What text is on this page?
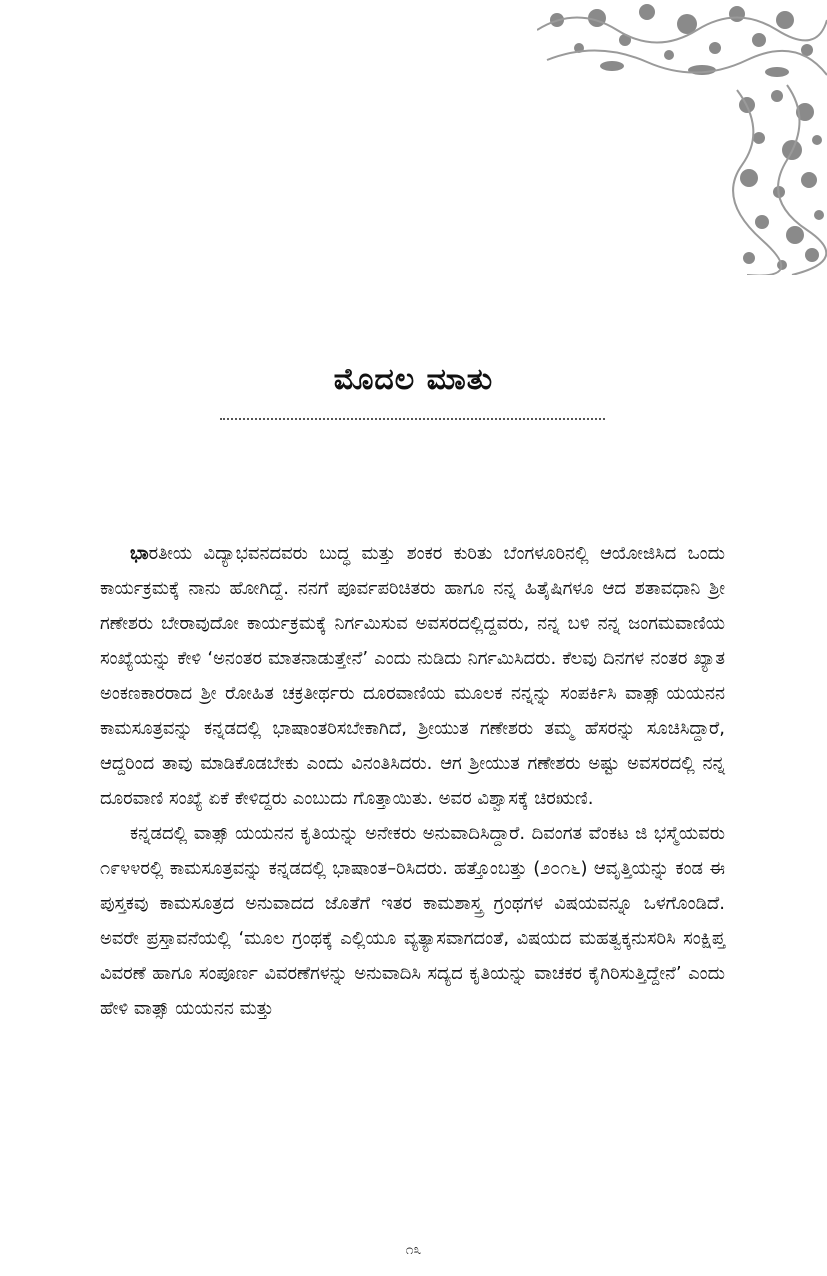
ಮೊದಲ ಮಾತು

ಭಾರತೀಯ ವಿದ್ಯಾಭವನದವರು ಬುದ್ಧ ಮತ್ತು ಶಂಕರ ಕುರಿತು ಬೆಂಗಳೂರಿನಲ್ಲಿ ಆಯೋಜಿಸಿದ ಒಂದು ಕಾರ್ಯಕ್ರಮಕ್ಕೆ ನಾನು ಹೋಗಿದ್ದೆ. ನನಗೆ ಪೂರ್ವಪರಿಚಿತರು ಹಾಗೂ ನನ್ನ ಹಿತೈಷಿಗಳೂ ಆದ ಶತಾವಧಾನಿ ಶ್ರೀ ಗಣೇಶರು ಬೇರಾವುದೋ ಕಾರ್ಯಕ್ರಮಕ್ಕೆ ನಿರ್ಗಮಿಸುವ ಅವಸರದಲ್ಲಿದ್ದವರು, ನನ್ನ ಬಳಿ ನನ್ನ ಜಂಗಮವಾಣಿಯ ಸಂಖ್ಯೆಯನ್ನು ಕೇಳಿ ‘ಅನಂತರ ಮಾತನಾಡುತ್ತೇನೆ’ ಎಂದು ನುಡಿದು ನಿರ್ಗಮಿಸಿದರು. ಕೆಲವು ದಿನಗಳ ನಂತರ ಖ್ಯಾತ ಅಂಕಣಕಾರರಾದ ಶ್ರೀ ರೋಹಿತ ಚಕ್ರತೀರ್ಥರು ದೂರವಾಣಿಯ ಮೂಲಕ ನನ್ನನ್ನು ಸಂಪರ್ಕಿಸಿ ವಾತ್ಸಾ್ಯಯನನ ಕಾಮಸೂತ್ರವನ್ನು ಕನ್ನಡದಲ್ಲಿ ಭಾಷಾಂತರಿಸಬೇಕಾಗಿದೆ, ಶ್ರೀಯುತ ಗಣೇಶರು ತಮ್ಮ ಹೆಸರನ್ನು ಸೂಚಿಸಿದ್ದಾರೆ, ಆದ್ದರಿಂದ ತಾವು ಮಾಡಿಕೊಡಬೇಕು ಎಂದು ವಿನಂತಿಸಿದರು. ಆಗ ಶ್ರೀಯುತ ಗಣೇಶರು ಅಷ್ಟು ಅವಸರದಲ್ಲಿ ನನ್ನ ದೂರವಾಣಿ ಸಂಖ್ಯೆ ಏಕೆ ಕೇಳಿದ್ದರು ಎಂಬುದು ಗೊತ್ತಾಯಿತು. ಅವರ ವಿಶ್ವಾಸಕ್ಕೆ ಚಿರಋಣಿ.

ಕನ್ನಡದಲ್ಲಿ ವಾತ್ಸಾ್ಯಯನನ ಕೃತಿಯನ್ನು ಅನೇಕರು ಅನುವಾದಿಸಿದ್ದಾರೆ. ದಿವಂಗತ ವೆಂಕಟ ಜಿ ಭಸ್ಮೆಯವರು ೧೯೪೪ರಲ್ಲಿ ಕಾಮಸೂತ್ರವನ್ನು ಕನ್ನಡದಲ್ಲಿ ಭಾಷಾಂತ–ರಿಸಿದರು. ಹತ್ತೊಂಬತ್ತು (೨೦೧೬) ಆವೃತ್ತಿಯನ್ನು ಕಂಡ ಈ ಪುಸ್ತಕವು ಕಾಮಸೂತ್ರದ ಅನುವಾದದ ಜೊತೆಗೆ ಇತರ ಕಾಮಶಾಸ್ತ್ರ ಗ್ರಂಥಗಳ ವಿಷಯವನ್ನೂ ಒಳಗೊಂಡಿದೆ. ಅವರೇ ಪ್ರಸ್ತಾವನೆಯಲ್ಲಿ ‘ಮೂಲ ಗ್ರಂಥಕ್ಕೆ ಎಲ್ಲಿಯೂ ವ್ಯತ್ಯಾಸವಾಗದಂತೆ, ವಿಷಯದ ಮಹತ್ವಕ್ಕನುಸರಿಸಿ ಸಂಕ್ಷಿಪ್ತ ವಿವರಣೆ ಹಾಗೂ ಸಂಪೂರ್ಣ ವಿವರಣೆಗಳನ್ನು ಅನುವಾದಿಸಿ ಸದ್ಯದ ಕೃತಿಯನ್ನು ವಾಚಕರ ಕೈಗಿರಿಸುತ್ತಿದ್ದೇನೆ’ ಎಂದು ಹೇಳಿ ವಾತ್ಸಾ್ಯಯನನ ಮತ್ತು

೧೩
